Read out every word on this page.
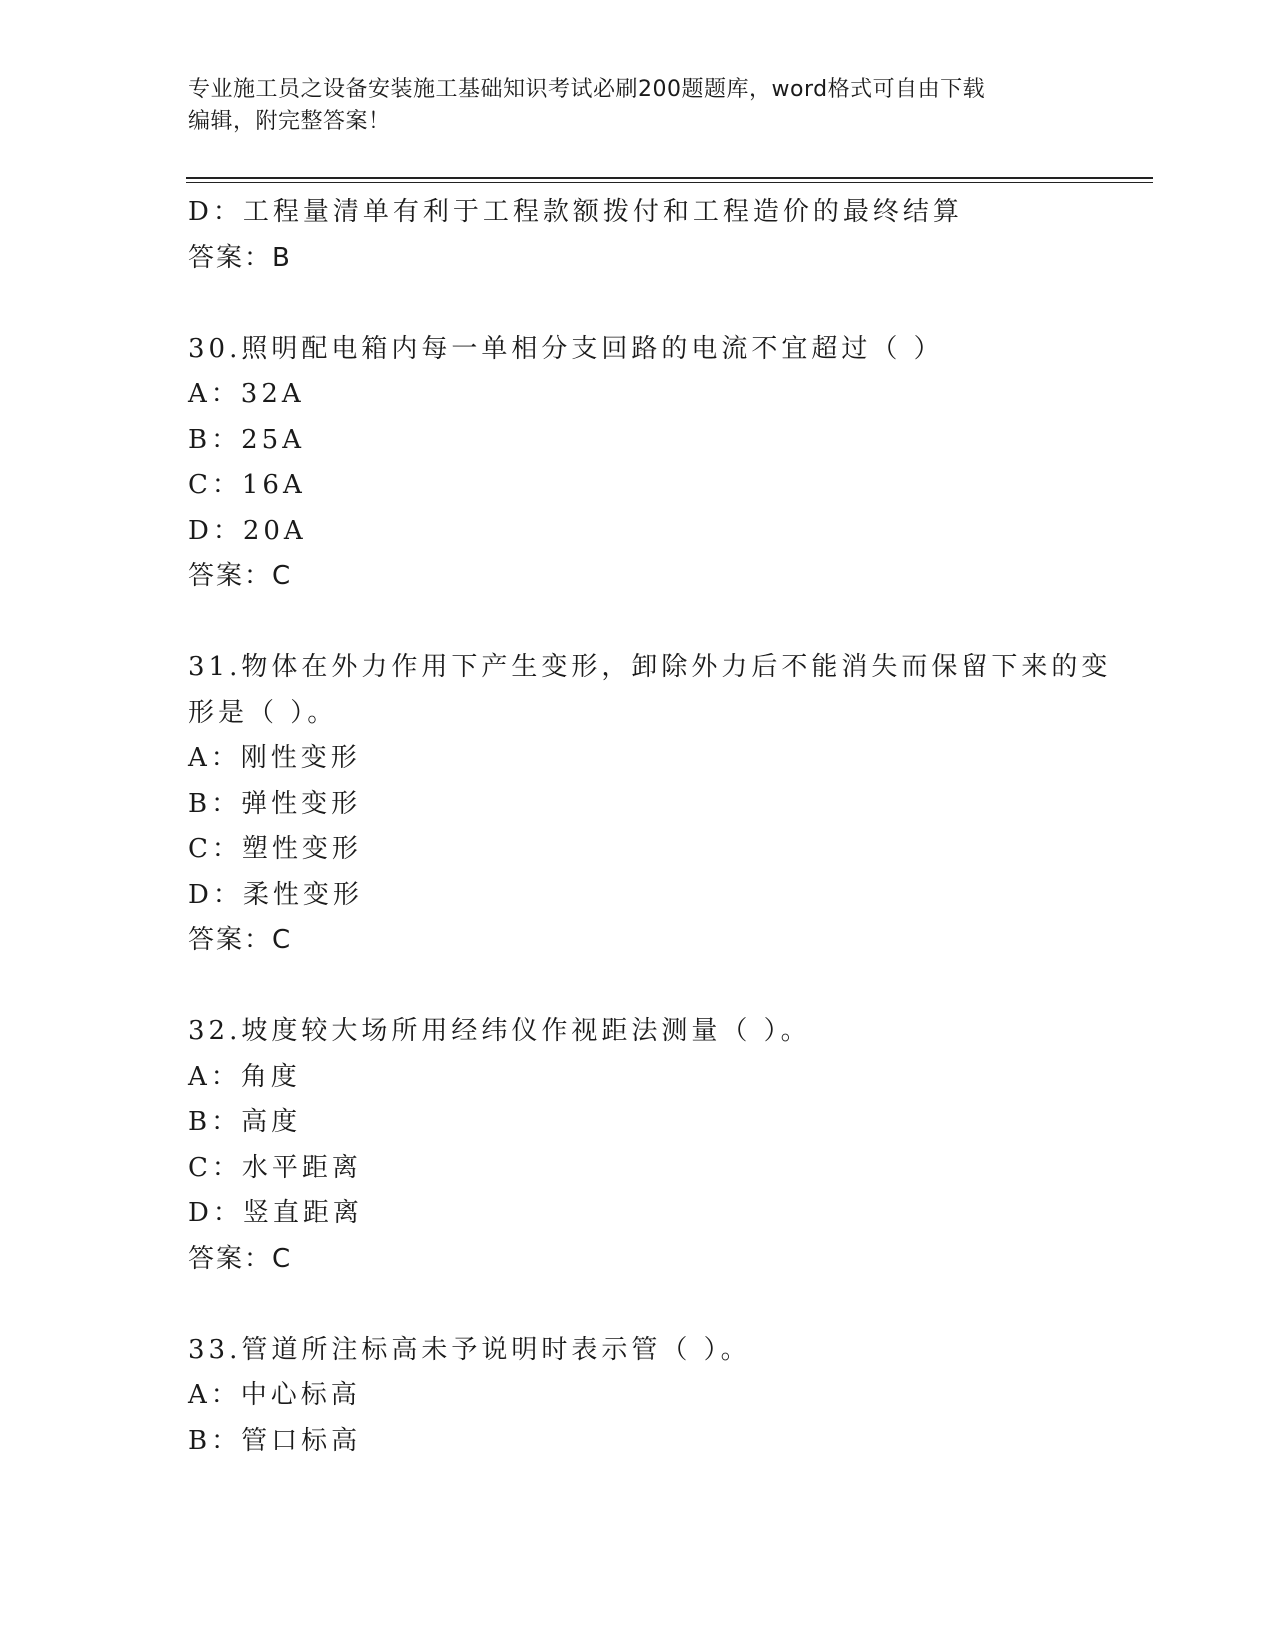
专业施工员之设备安装施工基础知识考试必刷200题题库，word格式可自由下载
编辑，附完整答案！
D：工程量清单有利于工程款额拨付和工程造价的最终结算
答案：B
30.照明配电箱内每一单相分支回路的电流不宜超过（ ）
A：32A
B：25A
C：16A
D：20A
答案：C
31.物体在外力作用下产生变形，卸除外力后不能消失而保留下来的变
形是（ ）。
A：刚性变形
B：弹性变形
C：塑性变形
D：柔性变形
答案：C
32.坡度较大场所用经纬仪作视距法测量（ ）。
A：角度
B：高度
C：水平距离
D：竖直距离
答案：C
33.管道所注标高未予说明时表示管（ ）。
A：中心标高
B：管口标高
